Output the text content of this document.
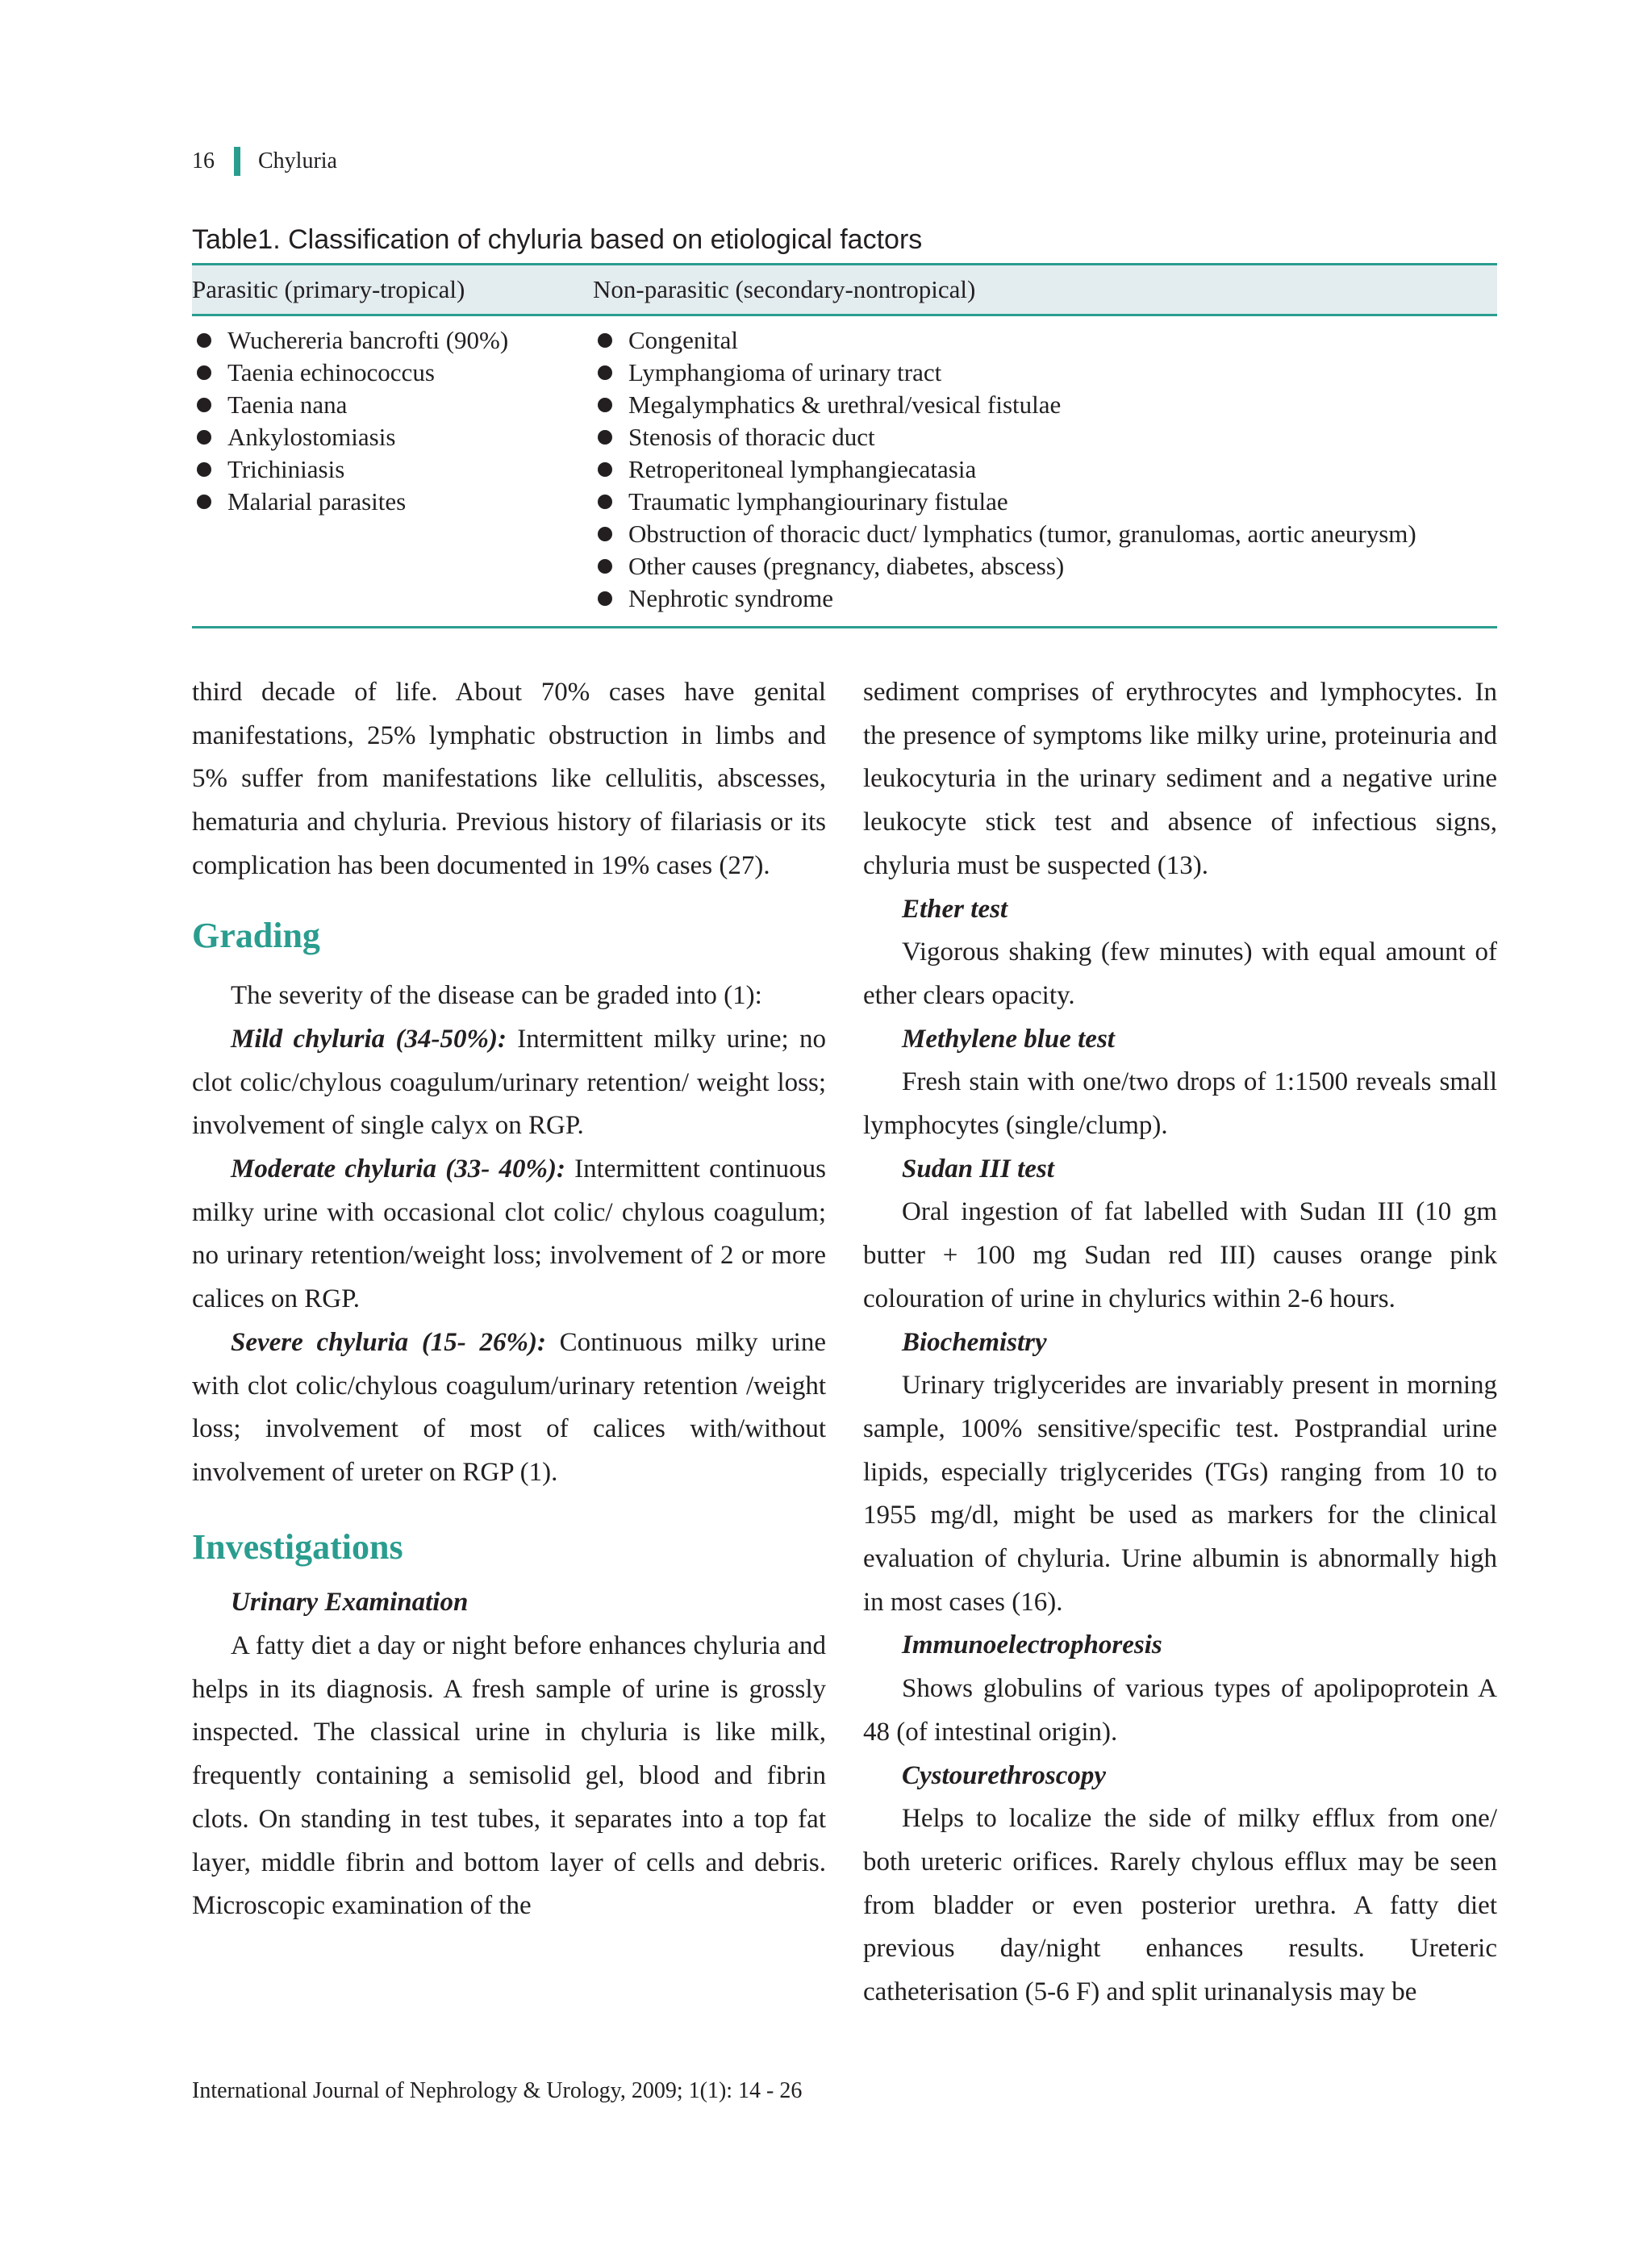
16 Chyluria
Table1. Classification of chyluria based on etiological factors
Parasitic (primary-tropical)	Non-parasitic (secondary-nontropical)
Wuchereria bancrofti (90%)
Taenia echinococcus
Taenia nana
Ankylostomiasis
Trichiniasis
Malarial parasites
Congenital
Lymphangioma of urinary tract
Megalymphatics & urethral/vesical fistulae
Stenosis of thoracic duct
Retroperitoneal lymphangiecatasia
Traumatic lymphangiourinary fistulae
Obstruction of thoracic duct/ lymphatics (tumor, granulomas, aortic aneurysm)
Other causes (pregnancy, diabetes, abscess)
Nephrotic syndrome

third decade of life. About 70% cases have genital manifestations, 25% lymphatic obstruction in limbs and 5% suffer from manifestations like cellulitis, abscesses, hematuria and chyluria. Previous history of filariasis or its complication has been documented in 19% cases (27).

Grading

The severity of the disease can be graded into (1):

Mild chyluria (34-50%): Intermittent milky urine; no clot colic/chylous coagulum/urinary retention/ weight loss; involvement of single calyx on RGP.

Moderate chyluria (33- 40%): Intermittent continuous milky urine with occasional clot colic/ chylous coagulum; no urinary retention/weight loss; involvement of 2 or more calices on RGP.

Severe chyluria (15- 26%): Continuous milky urine with clot colic/chylous coagulum/urinary retention /weight loss; involvement of most of calices with/without involvement of ureter on RGP (1).

Investigations
Urinary Examination

A fatty diet a day or night before enhances chyluria and helps in its diagnosis. A fresh sample of urine is grossly inspected. The classical urine in chyluria is like milk, frequently containing a semisolid gel, blood and fibrin clots. On standing in test tubes, it separates into a top fat layer, middle fibrin and bottom layer of cells and debris. Microscopic examination of the

sediment comprises of erythrocytes and lymphocytes. In the presence of symptoms like milky urine, proteinuria and leukocyturia in the urinary sediment and a negative urine leukocyte stick test and absence of infectious signs, chyluria must be suspected (13).

Ether test

Vigorous shaking (few minutes) with equal amount of ether clears opacity.

Methylene blue test

Fresh stain with one/two drops of 1:1500 reveals small lymphocytes (single/clump).

Sudan III test

Oral ingestion of fat labelled with Sudan III (10 gm butter + 100 mg Sudan red III) causes orange pink colouration of urine in chylurics within 2-6 hours.

Biochemistry

Urinary triglycerides are invariably present in morning sample, 100% sensitive/specific test. Postprandial urine lipids, especially triglycerides (TGs) ranging from 10 to 1955 mg/dl, might be used as markers for the clinical evaluation of chyluria. Urine albumin is abnormally high in most cases (16).

Immunoelectrophoresis

Shows globulins of various types of apolipoprotein A 48 (of intestinal origin).

Cystourethroscopy

Helps to localize the side of milky efflux from one/ both ureteric orifices. Rarely chylous efflux may be seen from bladder or even posterior urethra. A fatty diet previous day/night enhances results. Ureteric catheterisation (5-6 F) and split urinanalysis may be

International Journal of Nephrology & Urology, 2009; 1(1): 14 - 26
